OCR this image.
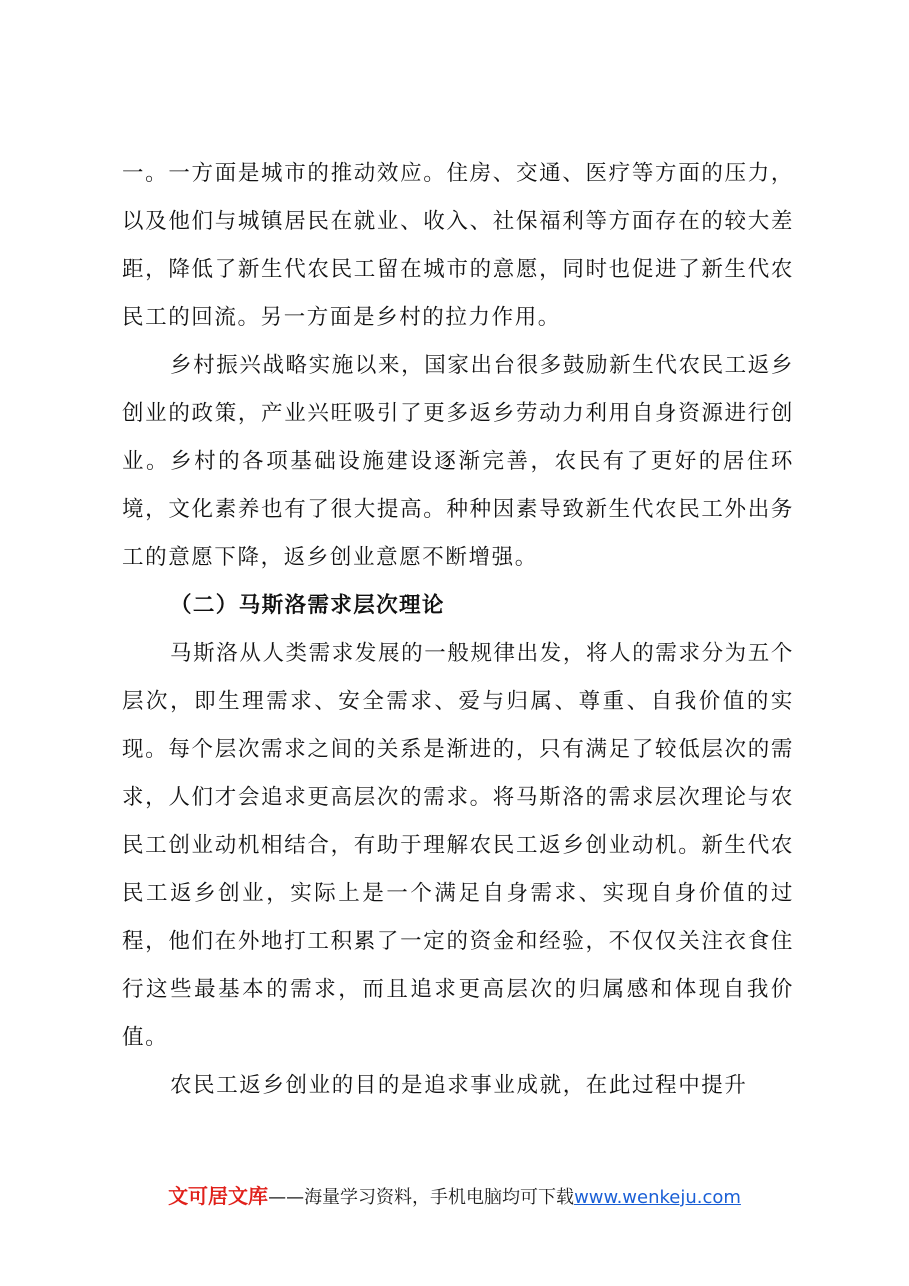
一。一方面是城市的推动效应。住房、交通、医疗等方面的压力，以及他们与城镇居民在就业、收入、社保福利等方面存在的较大差距，降低了新生代农民工留在城市的意愿，同时也促进了新生代农民工的回流。另一方面是乡村的拉力作用。

乡村振兴战略实施以来，国家出台很多鼓励新生代农民工返乡创业的政策，产业兴旺吸引了更多返乡劳动力利用自身资源进行创业。乡村的各项基础设施建设逐渐完善，农民有了更好的居住环境，文化素养也有了很大提高。种种因素导致新生代农民工外出务工的意愿下降，返乡创业意愿不断增强。

（二）马斯洛需求层次理论

马斯洛从人类需求发展的一般规律出发，将人的需求分为五个层次，即生理需求、安全需求、爱与归属、尊重、自我价值的实现。每个层次需求之间的关系是渐进的，只有满足了较低层次的需求，人们才会追求更高层次的需求。将马斯洛的需求层次理论与农民工创业动机相结合，有助于理解农民工返乡创业动机。新生代农民工返乡创业，实际上是一个满足自身需求、实现自身价值的过程，他们在外地打工积累了一定的资金和经验，不仅仅关注衣食住行这些最基本的需求，而且追求更高层次的归属感和体现自我价值。

农民工返乡创业的目的是追求事业成就，在此过程中提升

文可居文库——海量学习资料，手机电脑均可下载www.wenkeju.com
